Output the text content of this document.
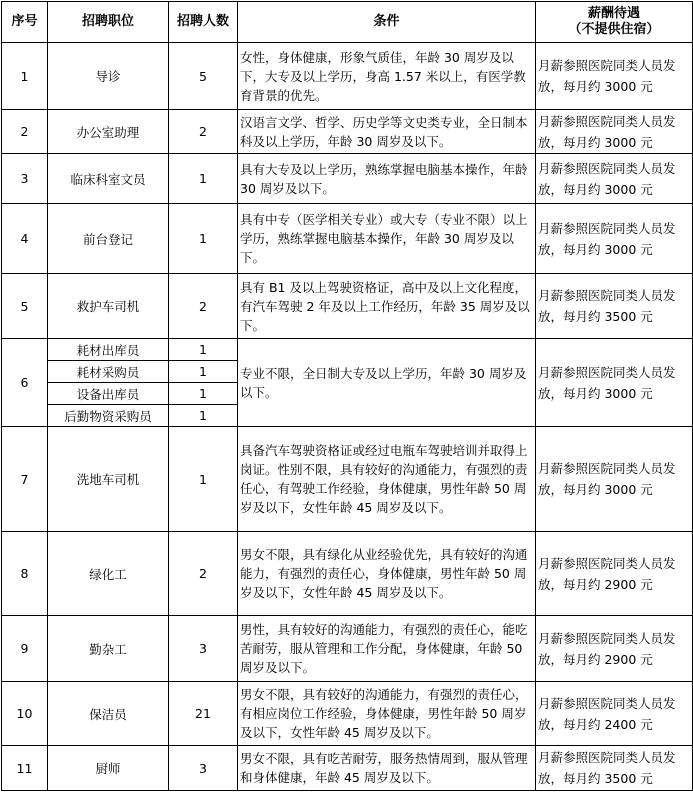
序号	招聘职位	招聘人数	条件	薪酬待遇
（不提供住宿）

1	导诊	5	女性，身体健康，形象气质佳，年龄 30 周岁及以下，大专及以上学历，身高 1.57 米以上，有医学教育背景的优先。	月薪参照医院同类人员发放，每月约 3000 元
2	办公室助理	2	汉语言文学、哲学、历史学等文史类专业，全日制本科及以上学历，年龄 30 周岁及以下。	月薪参照医院同类人员发放，每月约 3000 元
3	临床科室文员	1	具有大专及以上学历，熟练掌握电脑基本操作，年龄 30 周岁及以下。	月薪参照医院同类人员发放，每月约 3000 元
4	前台登记	1	具有中专（医学相关专业）或大专（专业不限）以上学历，熟练掌握电脑基本操作，年龄 30 周岁及以下。	月薪参照医院同类人员发放，每月约 3000 元
5	救护车司机	2	具有 B1 及以上驾驶资格证，高中及以上文化程度，有汽车驾驶 2 年及以上工作经历，年龄 35 周岁及以下。	月薪参照医院同类人员发放，每月约 3500 元
6	耗材出库员	1	专业不限，全日制大专及以上学历，年龄 30 周岁及以下。	月薪参照医院同类人员发放，每月约 3000 元
	耗材采购员	1		
	设备出库员	1		
	后勤物资采购员	1		
7	洗地车司机	1	具备汽车驾驶资格证或经过电瓶车驾驶培训并取得上岗证。性别不限，具有较好的沟通能力，有强烈的责任心，有驾驶工作经验，身体健康，男性年龄 50 周岁及以下，女性年龄 45 周岁及以下。	月薪参照医院同类人员发放，每月约 3000 元
8	绿化工	2	男女不限，具有绿化从业经验优先，具有较好的沟通能力，有强烈的责任心，身体健康，男性年龄 50 周岁及以下，女性年龄 45 周岁及以下。	月薪参照医院同类人员发放，每月约 2900 元
9	勤杂工	3	男性，具有较好的沟通能力，有强烈的责任心，能吃苦耐劳，服从管理和工作分配，身体健康，年龄 50 周岁及以下。	月薪参照医院同类人员发放，每月约 2900 元
10	保洁员	21	男女不限，具有较好的沟通能力，有强烈的责任心，有相应岗位工作经验，身体健康，男性年龄 50 周岁及以下，女性年龄 45 周岁及以下。	月薪参照医院同类人员发放，每月约 2400 元
11	厨师	3	男女不限，具有吃苦耐劳，服务热情周到，服从管理和身体健康，年龄 45 周岁及以下。	月薪参照医院同类人员发放，每月约 3500 元
